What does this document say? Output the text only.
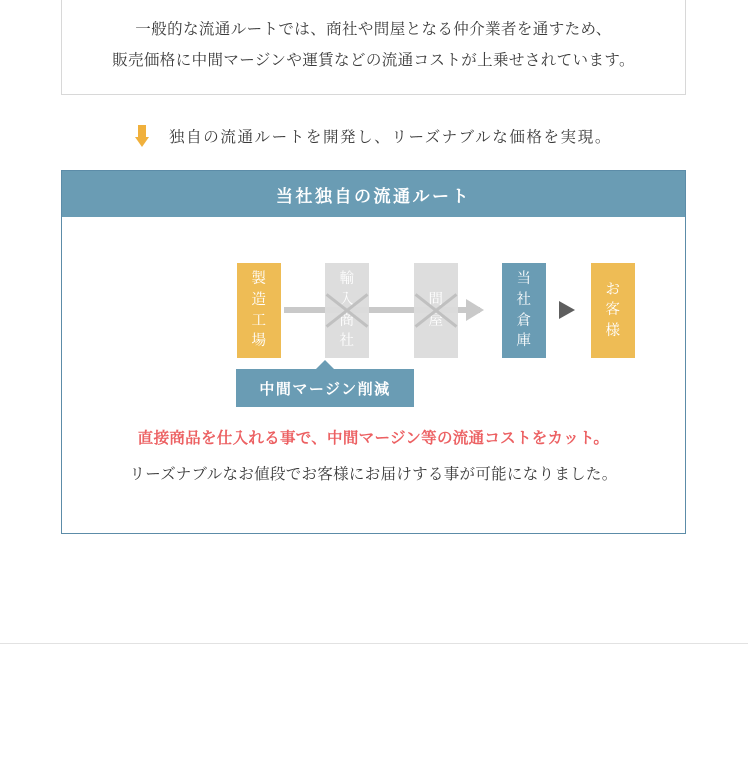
一般的な流通ルートでは、商社や問屋となる仲介業者を通すため、
販売価格に中間マージンや運賃などの流通コストが上乗せされています。
独自の流通ルートを開発し、リーズナブルな価格を実現。
当社独自の流通ルート
製
造
工
場
輸
入
商
社
問
屋
当
社
倉
庫
お
客
様
中間マージン削減
直接商品を仕入れる事で、中間マージン等の流通コストをカット。
リーズナブルなお値段でお客様にお届けする事が可能になりました。
